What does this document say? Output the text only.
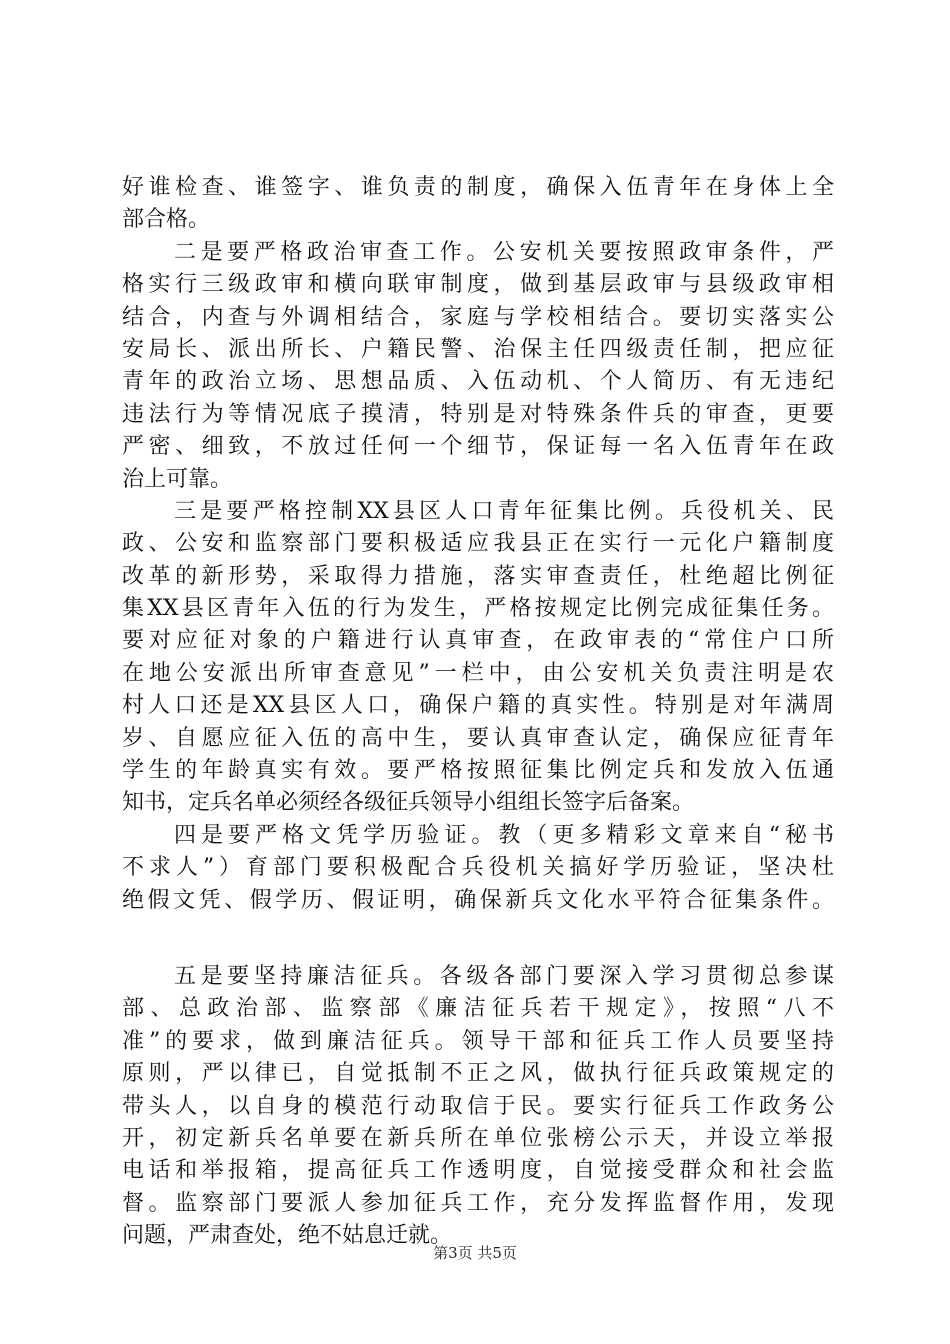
好谁检查、谁签字、谁负责的制度，确保入伍青年在身体上全
部合格。
二是要严格政治审查工作。公安机关要按照政审条件，严
格实行三级政审和横向联审制度，做到基层政审与县级政审相
结合，内查与外调相结合，家庭与学校相结合。要切实落实公
安局长、派出所长、户籍民警、治保主任四级责任制，把应征
青年的政治立场、思想品质、入伍动机、个人简历、有无违纪
违法行为等情况底子摸清，特别是对特殊条件兵的审查，更要
严密、细致，不放过任何一个细节，保证每一名入伍青年在政
治上可靠。
三是要严格控制XX县区人口青年征集比例。兵役机关、民
政、公安和监察部门要积极适应我县正在实行一元化户籍制度
改革的新形势，采取得力措施，落实审查责任，杜绝超比例征
集XX县区青年入伍的行为发生，严格按规定比例完成征集任务。
要对应征对象的户籍进行认真审查，在政审表的“常住户口所
在地公安派出所审查意见”一栏中，由公安机关负责注明是农
村人口还是XX县区人口，确保户籍的真实性。特别是对年满周
岁、自愿应征入伍的高中生，要认真审查认定，确保应征青年
学生的年龄真实有效。要严格按照征集比例定兵和发放入伍通
知书，定兵名单必须经各级征兵领导小组组长签字后备案。
四是要严格文凭学历验证。教（更多精彩文章来自“秘书
不求人”）育部门要积极配合兵役机关搞好学历验证，坚决杜
绝假文凭、假学历、假证明，确保新兵文化水平符合征集条件。
五是要坚持廉洁征兵。各级各部门要深入学习贯彻总参谋
部、总政治部、监察部《廉洁征兵若干规定》，按照“八不
准”的要求，做到廉洁征兵。领导干部和征兵工作人员要坚持
原则，严以律已，自觉抵制不正之风，做执行征兵政策规定的
带头人，以自身的模范行动取信于民。要实行征兵工作政务公
开，初定新兵名单要在新兵所在单位张榜公示天，并设立举报
电话和举报箱，提高征兵工作透明度，自觉接受群众和社会监
督。监察部门要派人参加征兵工作，充分发挥监督作用，发现
问题，严肃查处，绝不姑息迁就。
第3页 共5页
